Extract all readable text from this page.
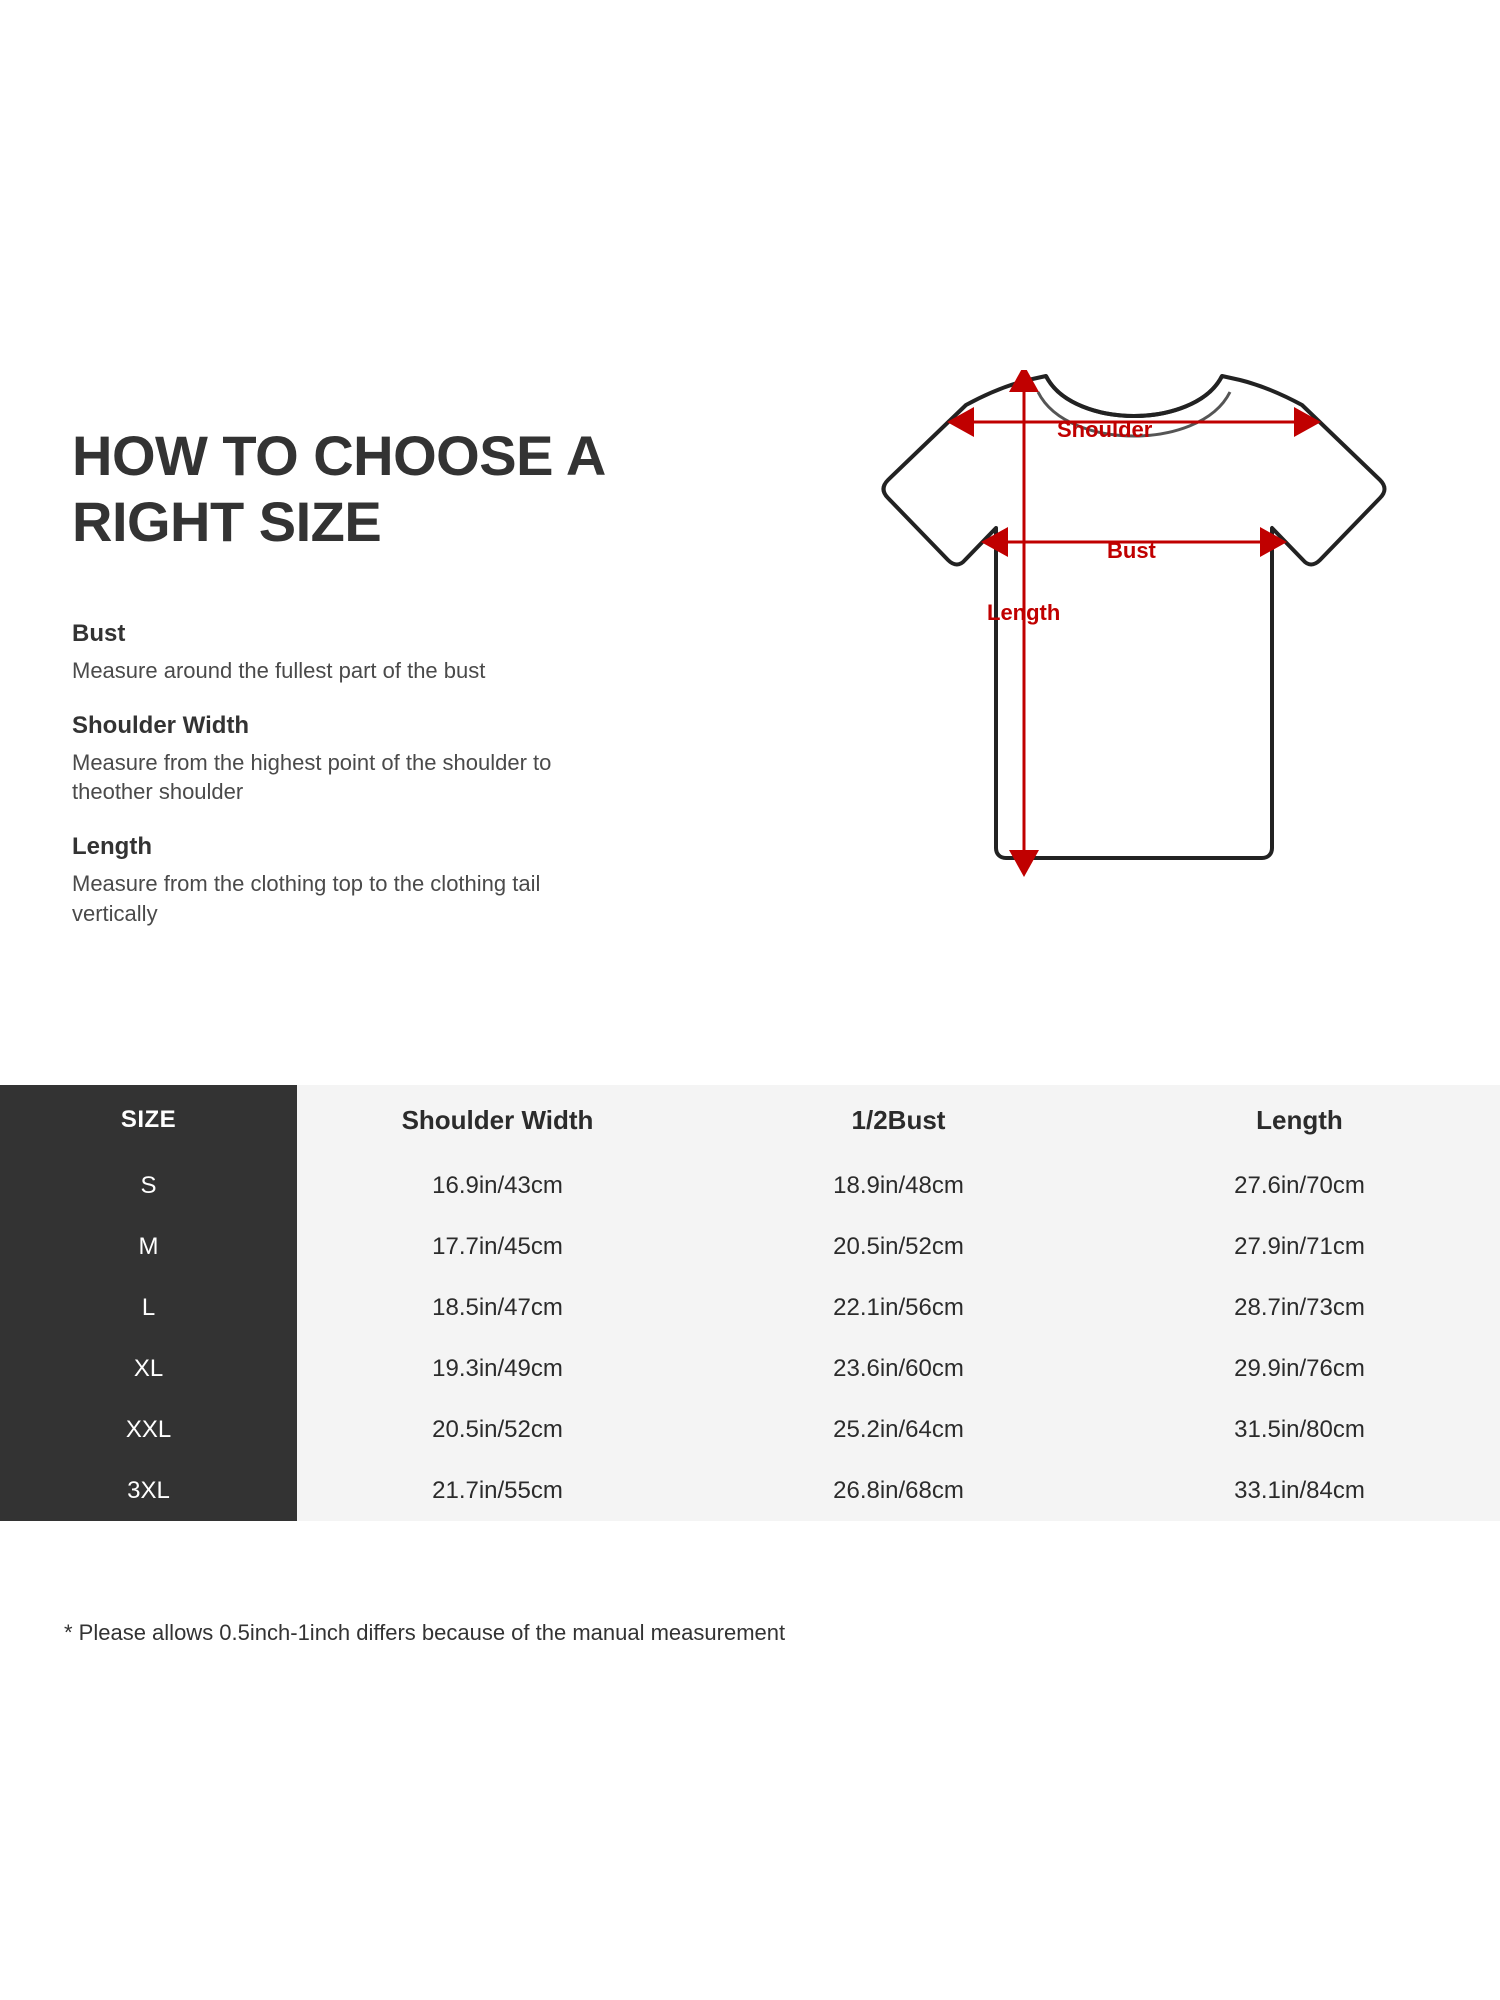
HOW TO CHOOSE A RIGHT SIZE

Bust

Measure around the fullest part of the bust

Shoulder Width

Measure from the highest point of the shoulder to theother shoulder

Length

Measure from the clothing top to the clothing tail vertically

Shoulder
Bust
Length
SIZE	Shoulder Width	1/2Bust	Length
S	16.9in/43cm	18.9in/48cm	27.6in/70cm
M	17.7in/45cm	20.5in/52cm	27.9in/71cm
L	18.5in/47cm	22.1in/56cm	28.7in/73cm
XL	19.3in/49cm	23.6in/60cm	29.9in/76cm
XXL	20.5in/52cm	25.2in/64cm	31.5in/80cm
3XL	21.7in/55cm	26.8in/68cm	33.1in/84cm
* Please allows 0.5inch-1inch differs because of the manual measurement
